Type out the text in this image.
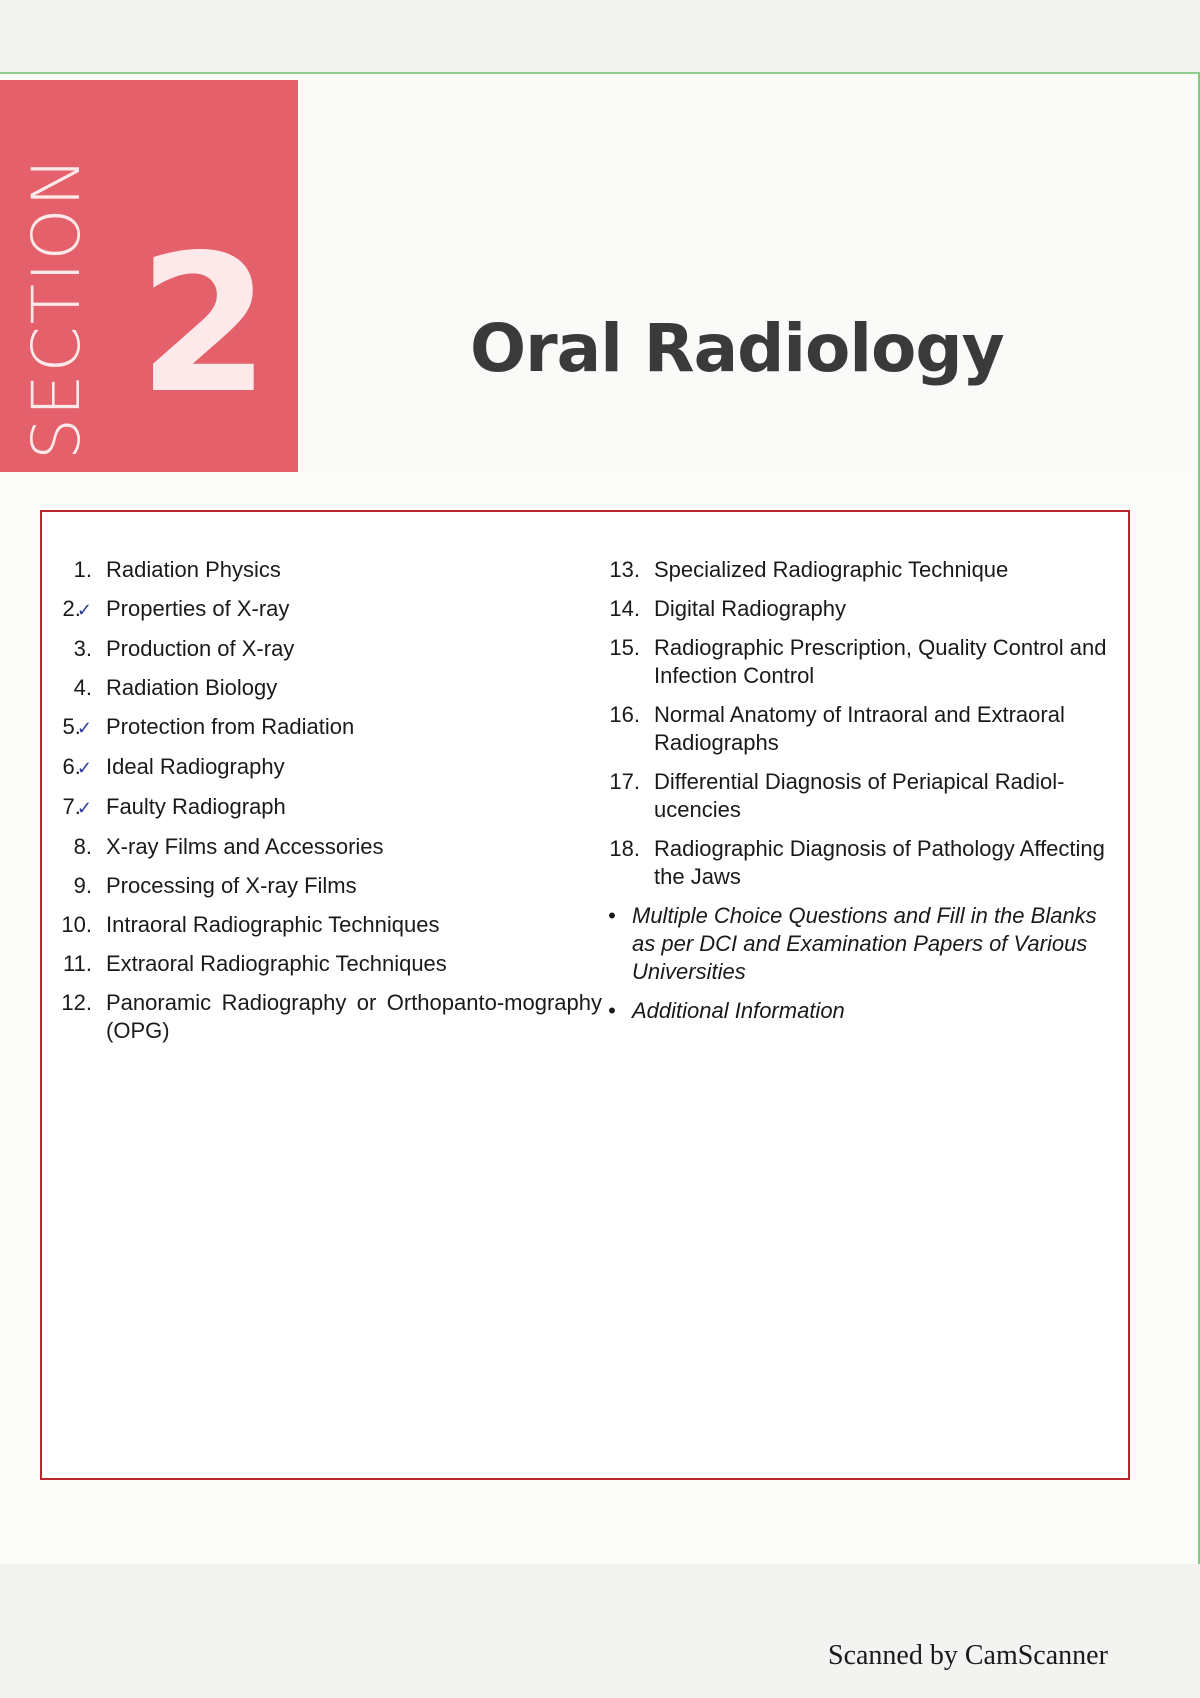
SECTION 2	Oral Radiology
1. Radiation Physics
2.✓ Properties of X-ray
3. Production of X-ray
4. Radiation Biology
5.✓ Protection from Radiation
6.✓ Ideal Radiography
7.✓ Faulty Radiograph
8. X-ray Films and Accessories
9. Processing of X-ray Films
10. Intraoral Radiographic Techniques
11. Extraoral Radiographic Techniques
12. Panoramic Radiography or Orthopanto-mography (OPG)
13. Specialized Radiographic Technique
14. Digital Radiography
15. Radiographic Prescription, Quality Control and Infection Control
16. Normal Anatomy of Intraoral and Extraoral Radiographs
17. Differential Diagnosis of Periapical Radiol-ucencies
18. Radiographic Diagnosis of Pathology Affecting the Jaws
• Multiple Choice Questions and Fill in the Blanks as per DCI and Examination Papers of Various Universities
• Additional Information
Scanned by CamScanner
